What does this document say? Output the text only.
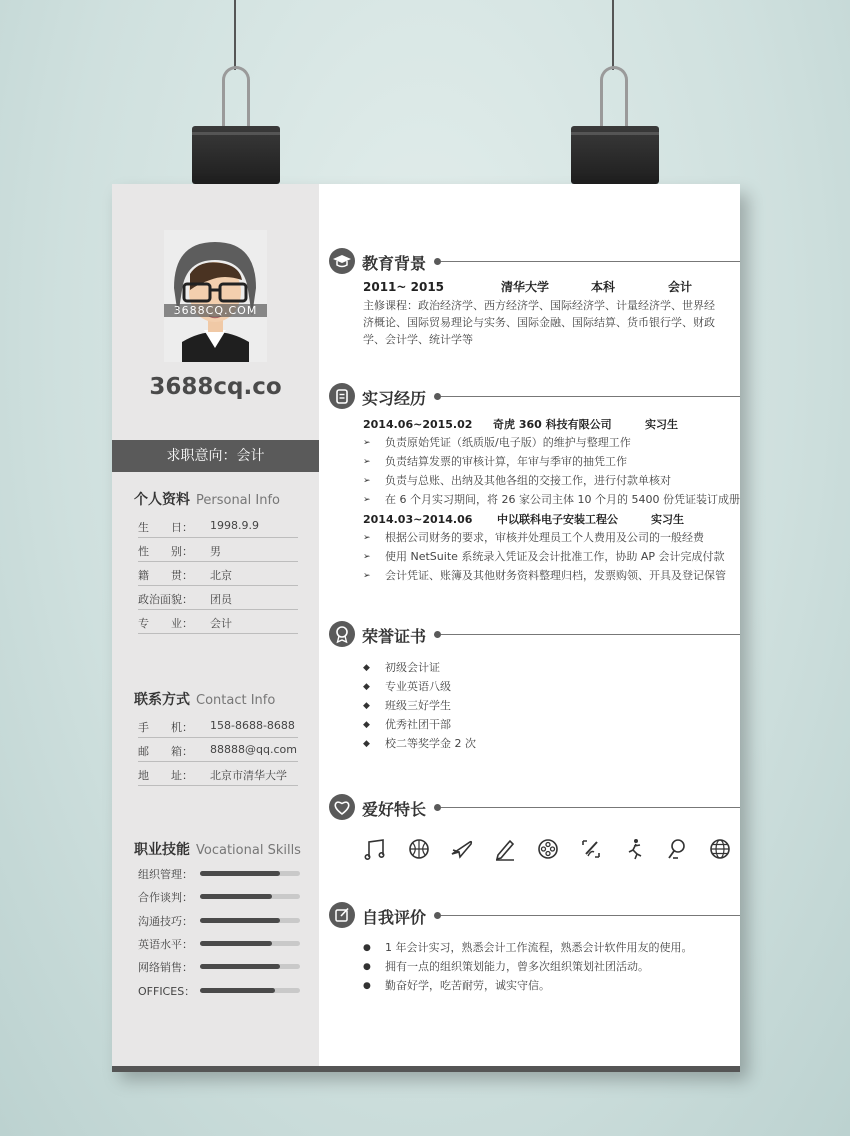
3688CQ.COM
3688cq.co
求职意向：会计
个人资料 Personal Info
生　　日：	1998.9.9
性　　别：	男
籍　　贯：	北京
政治面貌：	团员
专　　业：	会计
联系方式 Contact Info
手　　机：	158-8688-8688
邮　　箱：	88888@qq.com
地　　址：	北京市清华大学
职业技能 Vocational Skills
组织管理：
合作谈判：
沟通技巧：
英语水平：
网络销售：
OFFICES：
教育背景
2011~ 2015	清华大学	本科	会计
主修课程：政治经济学、西方经济学、国际经济学、计量经济学、世界经
济概论、国际贸易理论与实务、国际金融、国际结算、货币银行学、财政
学、会计学、统计学等
实习经历
2014.06~2015.02 奇虎 360 科技有限公司	实习生
➢	负责原始凭证（纸质版/电子版）的维护与整理工作
➢	负责结算发票的审核计算，年审与季审的抽凭工作
➢	负责与总账、出纳及其他各组的交接工作，进行付款单核对
➢	在 6 个月实习期间，将 26 家公司主体 10 个月的 5400 份凭证装订成册
2014.03~2014.06 中以联科电子安装工程公	实习生
➢	根据公司财务的要求，审核并处理员工个人费用及公司的一般经费
➢	使用 NetSuite 系统录入凭证及会计批准工作，协助 AP 会计完成付款
➢	会计凭证、账簿及其他财务资料整理归档，发票购领、开具及登记保管
荣誉证书
◆	初级会计证
◆	专业英语八级
◆	班级三好学生
◆	优秀社团干部
◆	校二等奖学金 2 次
爱好特长
自我评价
●	1 年会计实习，熟悉会计工作流程，熟悉会计软件用友的使用。
●	拥有一点的组织策划能力，曾多次组织策划社团活动。
●	勤奋好学，吃苦耐劳，诚实守信。
